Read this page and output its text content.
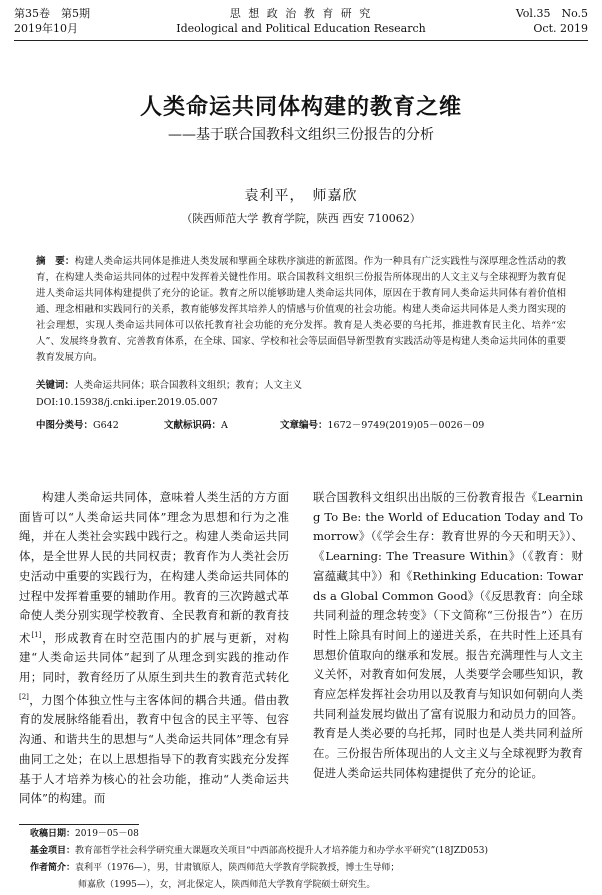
第35卷　第5期
2019年10月
思 想 政 治 教 育 研 究
Ideological and Political Education Research
Vol.35　No.5
Oct. 2019
人类命运共同体构建的教育之维
——基于联合国教科文组织三份报告的分析
袁利平，　师嘉欣
（陕西师范大学 教育学院，陕西 西安 710062）
摘　要：构建人类命运共同体是推进人类发展和擘画全球秩序演进的新蓝图。作为一种具有广泛实践性与深厚理念性活动的教育，在构建人类命运共同体的过程中发挥着关键性作用。联合国教科文组织三份报告所体现出的人文主义与全球视野为教育促进人类命运共同体构建提供了充分的论证。教育之所以能够助建人类命运共同体，原因在于教育同人类命运共同体有着价值相通、理念相融和实践同行的关系，教育能够发挥其培养人的情感与价值观的社会功能。构建人类命运共同体是人类力图实现的社会理想，实现人类命运共同体可以依托教育社会功能的充分发挥。教育是人类必要的乌托邦，推进教育民主化、培养“宏人”、发展终身教育、完善教育体系，在全球、国家、学校和社会等层面倡导新型教育实践活动等是构建人类命运共同体的重要教育发展方向。
关键词：人类命运共同体；联合国教科文组织；教育；人文主义
DOI:10.15938/j.cnki.iper.2019.05.007
中图分类号：G642	文献标识码：A	文章编号：1672－9749(2019)05－0026－09

构建人类命运共同体，意味着人类生活的方方面面皆可以“人类命运共同体”理念为思想和行为之准绳，并在人类社会实践中践行之。构建人类命运共同体，是全世界人民的共同权责；教育作为人类社会历史活动中重要的实践行为，在构建人类命运共同体的过程中发挥着重要的辅助作用。教育的三次跨越式革命使人类分别实现学校教育、全民教育和新的教育技术[1]，形成教育在时空范围内的扩展与更新，对构建“人类命运共同体”起到了从理念到实践的推动作用；同时，教育经历了从原生到共生的教育范式转化[2]，力图个体独立性与主客体间的耦合共通。借由教育的发展脉络能看出，教育中包含的民主平等、包容沟通、和谐共生的思想与“人类命运共同体”理念有异曲同工之处；在以上思想指导下的教育实践充分发挥基于人才培养为核心的社会功能，推动“人类命运共同体”的构建。而

联合国教科文组织出出版的三份教育报告《Learning To Be: the World of Education Today and Tomorrow》（《学会生存：教育世界的今天和明天》）、《Learning: The Treasure Within》（《教育：财富蕴藏其中》）和《Rethinking Education: Towards a Global Common Good》（《反思教育：向全球共同利益的理念转变》（下文简称“三份报告”）在历时性上除具有时间上的递进关系，在共时性上还具有思想价值取向的继承和发展。报告充满理性与人文主义关怀，对教育如何发展，人类要学会哪些知识，教育应怎样发挥社会功用以及教育与知识如何朝向人类共同利益发展均做出了富有说服力和动员力的回答。教育是人类必要的乌托邦，同时也是人类共同利益所在。三份报告所体现出的人文主义与全球视野为教育促进人类命运共同体构建提供了充分的论证。

收稿日期：2019－05－08
基金项目：教育部哲学社会科学研究重大课题攻关项目“中西部高校提升人才培养能力和办学水平研究”(18JZD053)
作者简介：袁利平（1976—），男，甘肃镇原人，陕西师范大学教育学院教授，博士生导师；
师嘉欣（1995—），女，河北保定人，陕西师范大学教育学院硕士研究生。
